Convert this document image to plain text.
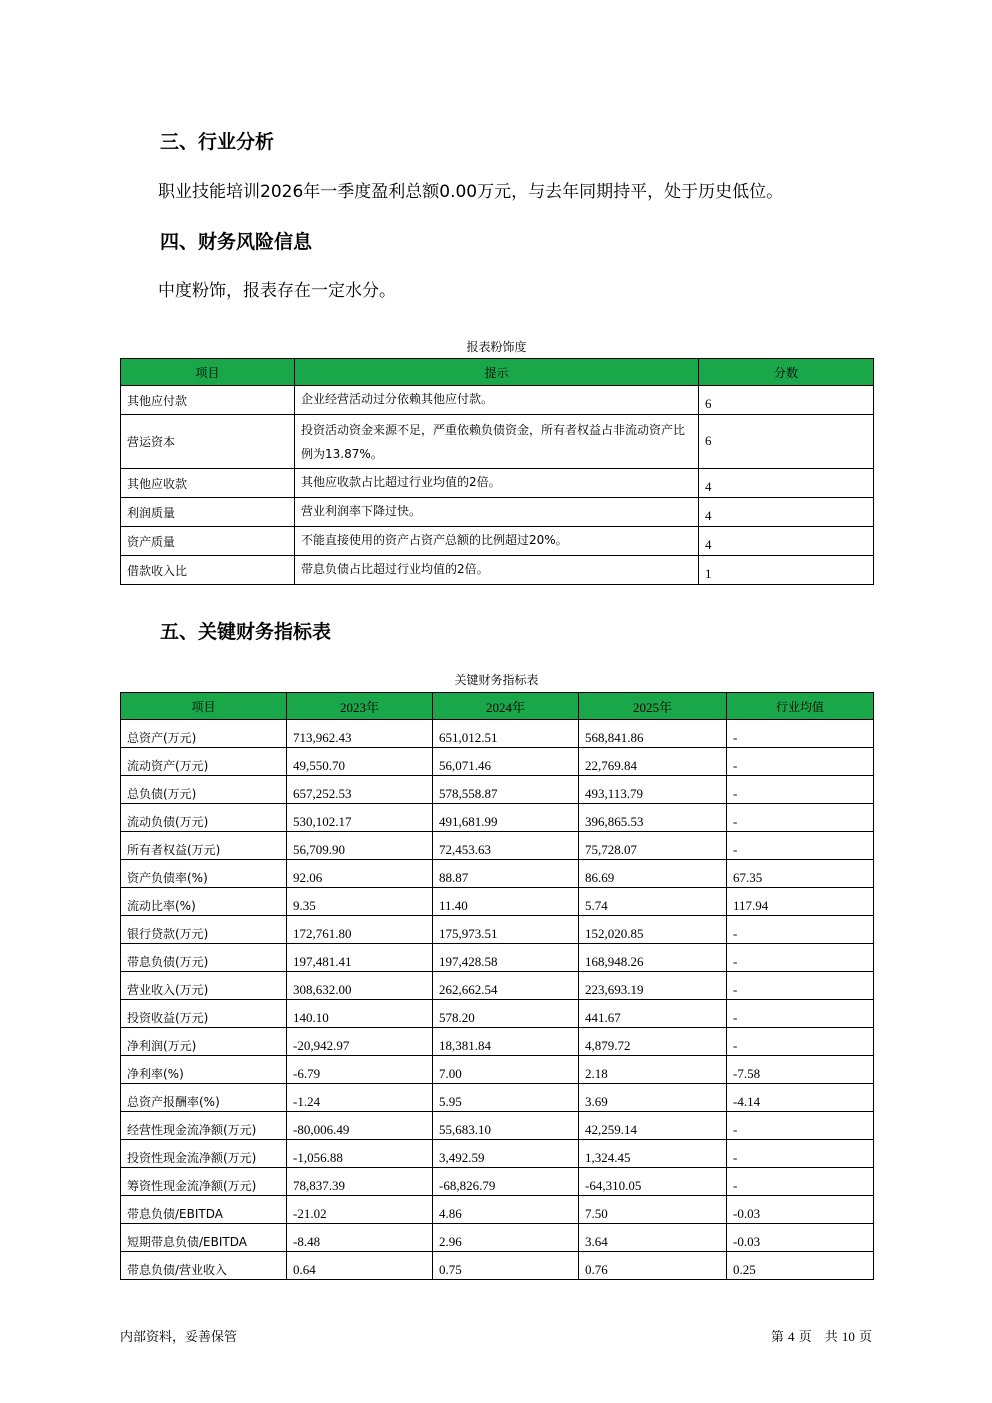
三、行业分析

职业技能培训2026年一季度盈利总额0.00万元，与去年同期持平，处于历史低位。

四、财务风险信息

中度粉饰，报表存在一定水分。

报表粉饰度

项目	提示	分数
其他应付款	企业经营活动过分依赖其他应付款。	6
营运资本	投资活动资金来源不足，严重依赖负债资金，所有者权益占非流动资产比例为13.87%。	6
其他应收款	其他应收款占比超过行业均值的2倍。	4
利润质量	营业利润率下降过快。	4
资产质量	不能直接使用的资产占资产总额的比例超过20%。	4
借款收入比	带息负债占比超过行业均值的2倍。	1
五、关键财务指标表

关键财务指标表

项目	2023年	2024年	2025年	行业均值
总资产(万元)	713,962.43	651,012.51	568,841.86	-
流动资产(万元)	49,550.70	56,071.46	22,769.84	-
总负债(万元)	657,252.53	578,558.87	493,113.79	-
流动负债(万元)	530,102.17	491,681.99	396,865.53	-
所有者权益(万元)	56,709.90	72,453.63	75,728.07	-
资产负债率(%)	92.06	88.87	86.69	67.35
流动比率(%)	9.35	11.40	5.74	117.94
银行贷款(万元)	172,761.80	175,973.51	152,020.85	-
带息负债(万元)	197,481.41	197,428.58	168,948.26	-
营业收入(万元)	308,632.00	262,662.54	223,693.19	-
投资收益(万元)	140.10	578.20	441.67	-
净利润(万元)	-20,942.97	18,381.84	4,879.72	-
净利率(%)	-6.79	7.00	2.18	-7.58
总资产报酬率(%)	-1.24	5.95	3.69	-4.14
经营性现金流净额(万元)	-80,006.49	55,683.10	42,259.14	-
投资性现金流净额(万元)	-1,056.88	3,492.59	1,324.45	-
筹资性现金流净额(万元)	78,837.39	-68,826.79	-64,310.05	-
带息负债/EBITDA	-21.02	4.86	7.50	-0.03
短期带息负债/EBITDA	-8.48	2.96	3.64	-0.03
带息负债/营业收入	0.64	0.75	0.76	0.25

内部资料，妥善保管	第 4 页　共 10 页
